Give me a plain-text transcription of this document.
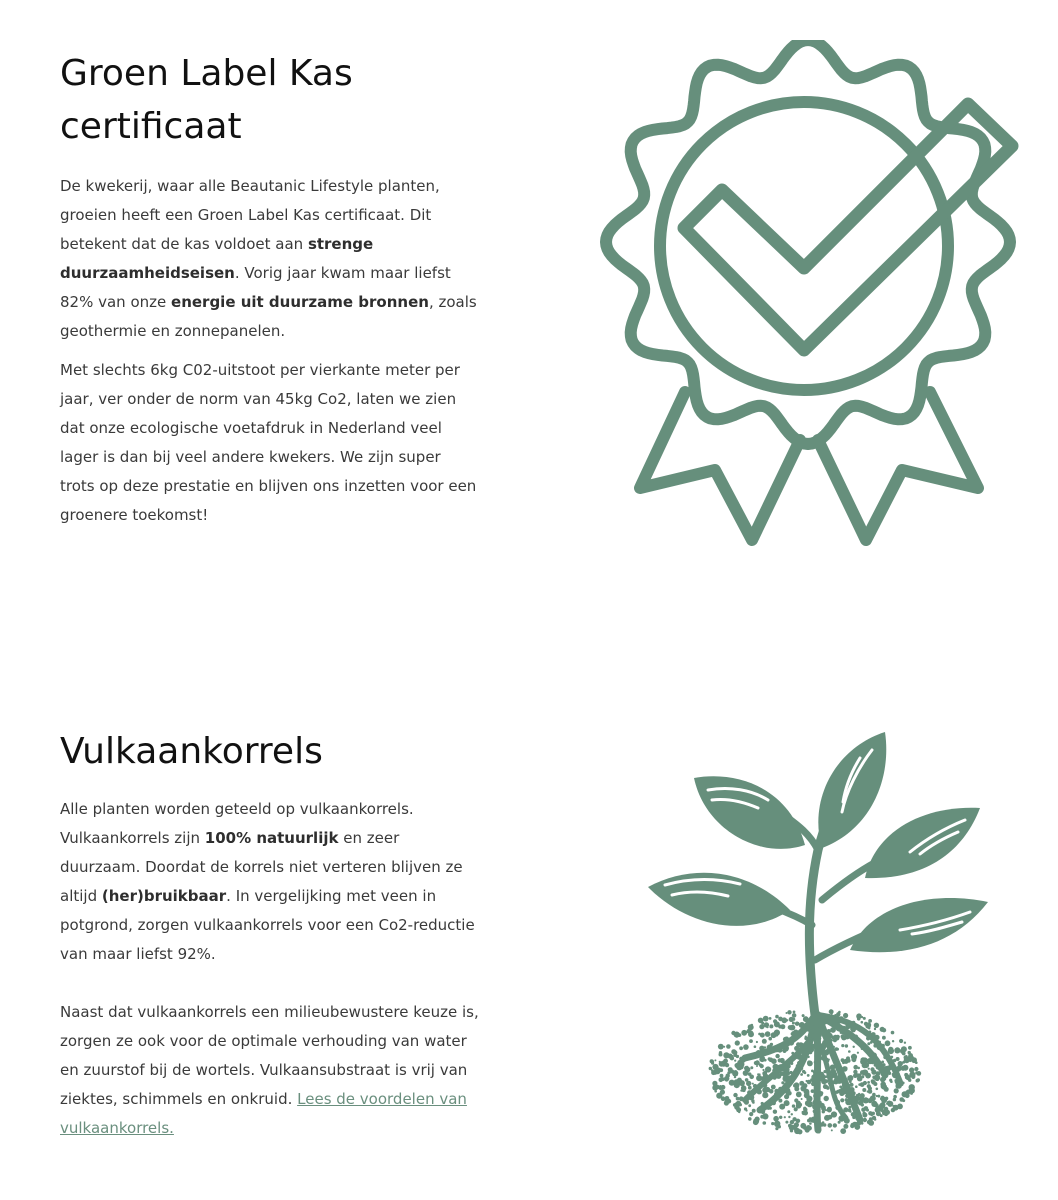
Groen Label Kas certificaat

De kwekerij, waar alle Beautanic Lifestyle planten, groeien heeft een Groen Label Kas certificaat. Dit betekent dat de kas voldoet aan strenge duurzaamheidseisen. Vorig jaar kwam maar liefst 82% van onze energie uit duurzame bronnen, zoals geothermie en zonnepanelen.

Met slechts 6kg C02-uitstoot per vierkante meter per jaar, ver onder de norm van 45kg Co2, laten we zien dat onze ecologische voetafdruk in Nederland veel lager is dan bij veel andere kwekers. We zijn super trots op deze prestatie en blijven ons inzetten voor een groenere toekomst!

Vulkaankorrels

Alle planten worden geteeld op vulkaankorrels. Vulkaankorrels zijn 100% natuurlijk en zeer duurzaam. Doordat de korrels niet verteren blijven ze altijd (her)bruikbaar. In vergelijking met veen in potgrond, zorgen vulkaankorrels voor een Co2-reductie van maar liefst 92%.

Naast dat vulkaankorrels een milieubewustere keuze is, zorgen ze ook voor de optimale verhouding van water en zuurstof bij de wortels. Vulkaansubstraat is vrij van ziektes, schimmels en onkruid. Lees de voordelen van vulkaankorrels.
